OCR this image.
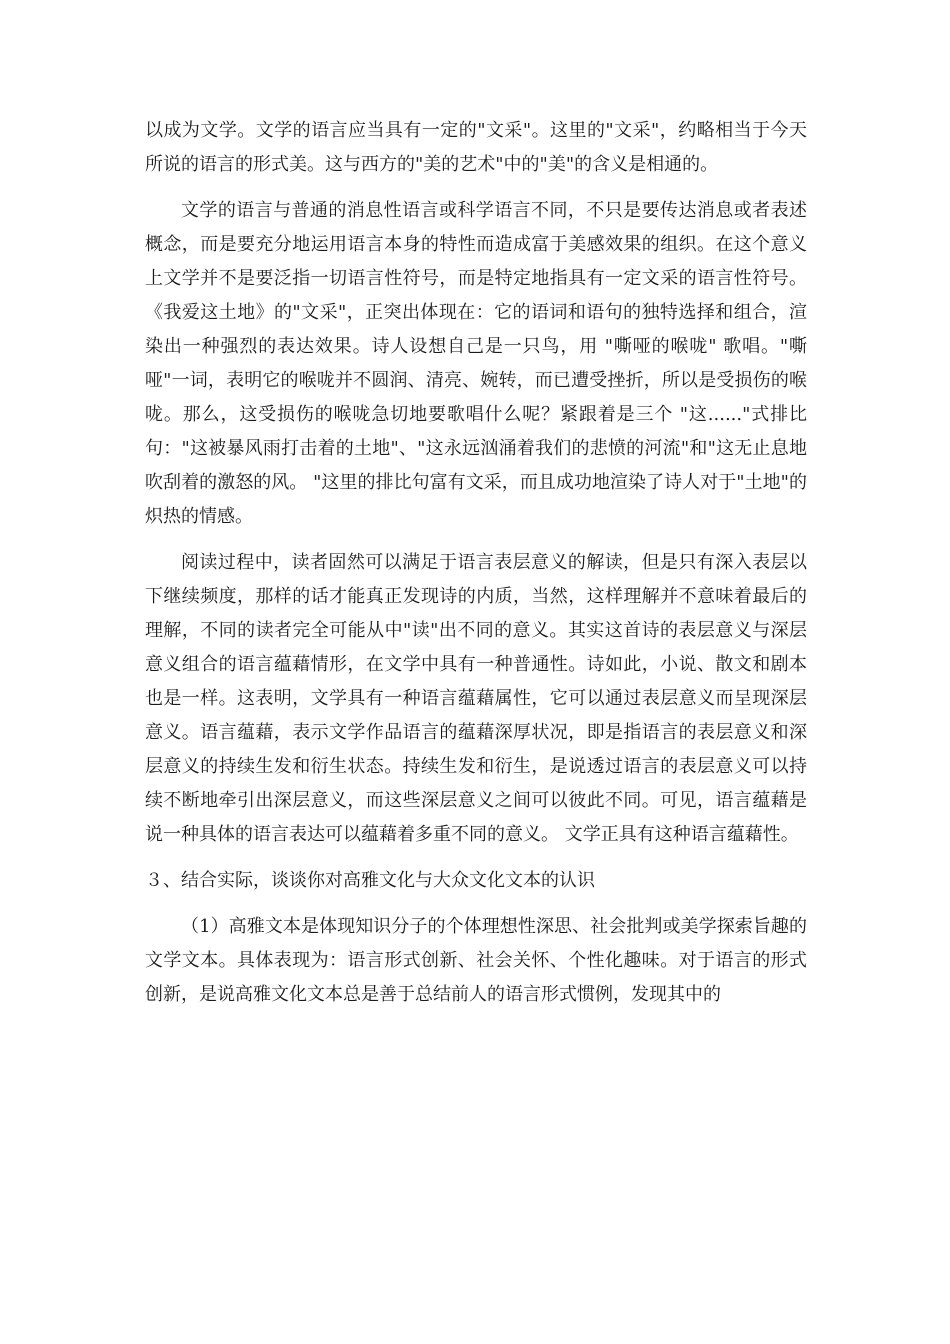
以成为文学。文学的语言应当具有一定的"文采"。这里的"文采"，约略相当于今天所说的语言的形式美。这与西方的"美的艺术"中的"美"的含义是相通的。

文学的语言与普通的消息性语言或科学语言不同，不只是要传达消息或者表述概念，而是要充分地运用语言本身的特性而造成富于美感效果的组织。在这个意义上文学并不是要泛指一切语言性符号，而是特定地指具有一定文采的语言性符号。《我爱这土地》的"文采"，正突出体现在：它的语词和语句的独特选择和组合，渲染出一种强烈的表达效果。诗人设想自己是一只鸟，用 "嘶哑的喉咙" 歌唱。"嘶哑"一词，表明它的喉咙并不圆润、清亮、婉转，而已遭受挫折，所以是受损伤的喉咙。那么，这受损伤的喉咙急切地要歌唱什么呢？紧跟着是三个 "这......"式排比句："这被暴风雨打击着的土地"、"这永远汹涌着我们的悲愤的河流"和"这无止息地吹刮着的激怒的风。 "这里的排比句富有文采，而且成功地渲染了诗人对于"土地"的炽热的情感。

阅读过程中，读者固然可以满足于语言表层意义的解读，但是只有深入表层以下继续频度，那样的话才能真正发现诗的内质，当然，这样理解并不意味着最后的理解，不同的读者完全可能从中"读"出不同的意义。其实这首诗的表层意义与深层意义组合的语言蕴藉情形，在文学中具有一种普通性。诗如此，小说、散文和剧本也是一样。这表明，文学具有一种语言蕴藉属性，它可以通过表层意义而呈现深层意义。语言蕴藉，表示文学作品语言的蕴藉深厚状况，即是指语言的表层意义和深层意义的持续生发和衍生状态。持续生发和衍生，是说透过语言的表层意义可以持续不断地牵引出深层意义，而这些深层意义之间可以彼此不同。可见，语言蕴藉是说一种具体的语言表达可以蕴藉着多重不同的意义。 文学正具有这种语言蕴藉性。

３、结合实际，谈谈你对高雅文化与大众文化文本的认识

（1）高雅文本是体现知识分子的个体理想性深思、社会批判或美学探索旨趣的文学文本。具体表现为：语言形式创新、社会关怀、个性化趣味。对于语言的形式创新，是说高雅文化文本总是善于总结前人的语言形式惯例，发现其中的
